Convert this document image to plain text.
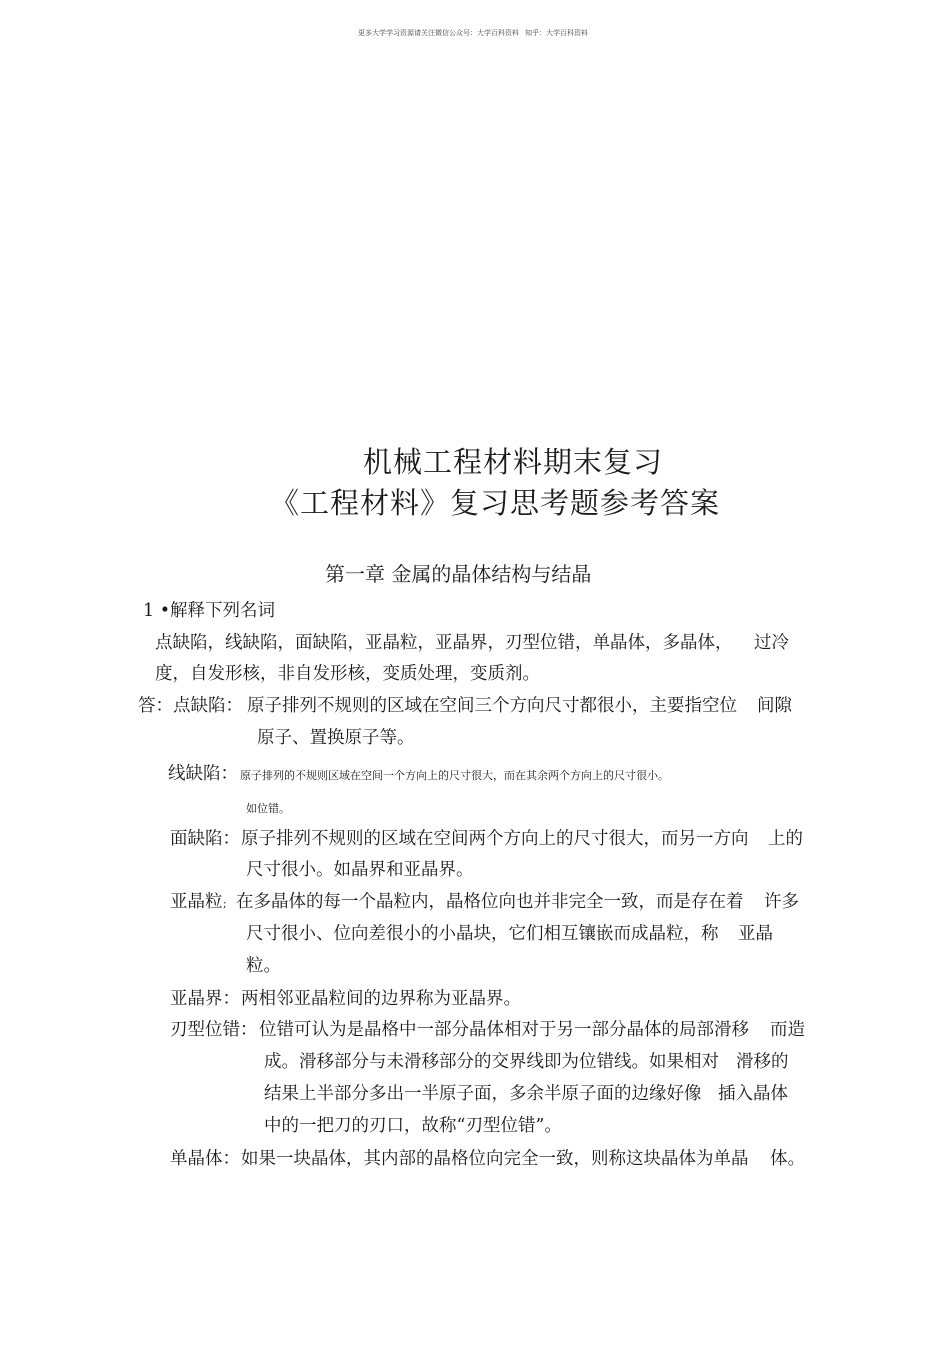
更多大学学习资源请关注微信公众号：大学百科资料 知乎：大学百科资料
机械工程材料期末复习
《工程材料》复习思考题参考答案
第一章 金属的晶体结构与结晶
1 •解释下列名词
点缺陷，线缺陷，面缺陷，亚晶粒，亚晶界，刃型位错，单晶体，多晶体， 过冷
度，自发形核，非自发形核，变质处理，变质剂。
答：点缺陷： 原子排列不规则的区域在空间三个方向尺寸都很小，主要指空位 间隙
原子、置换原子等。
线缺陷： 原子排列的不规则区域在空间一个方向上的尺寸很大，而在其余两个方向上的尺寸很小。
如位错。
面缺陷： 原子排列不规则的区域在空间两个方向上的尺寸很大，而另一方向 上的
尺寸很小。如晶界和亚晶界。
亚晶粒 ; 在多晶体的每一个晶粒内，晶格位向也并非完全一致，而是存在着 许多
尺寸很小、位向差很小的小晶块，它们相互镶嵌而成晶粒，称 亚晶
粒。
亚晶界： 两相邻亚晶粒间的边界称为亚晶界。
刃型位错： 位错可认为是晶格中一部分晶体相对于另一部分晶体的局部滑移 而造
成。滑移部分与未滑移部分的交界线即为位错线。如果相对 滑移的
结果上半部分多出一半原子面，多余半原子面的边缘好像 插入晶体
中的一把刀的刃口，故称“刃型位错”。
单晶体： 如果一块晶体，其内部的晶格位向完全一致，则称这块晶体为单晶 体。
